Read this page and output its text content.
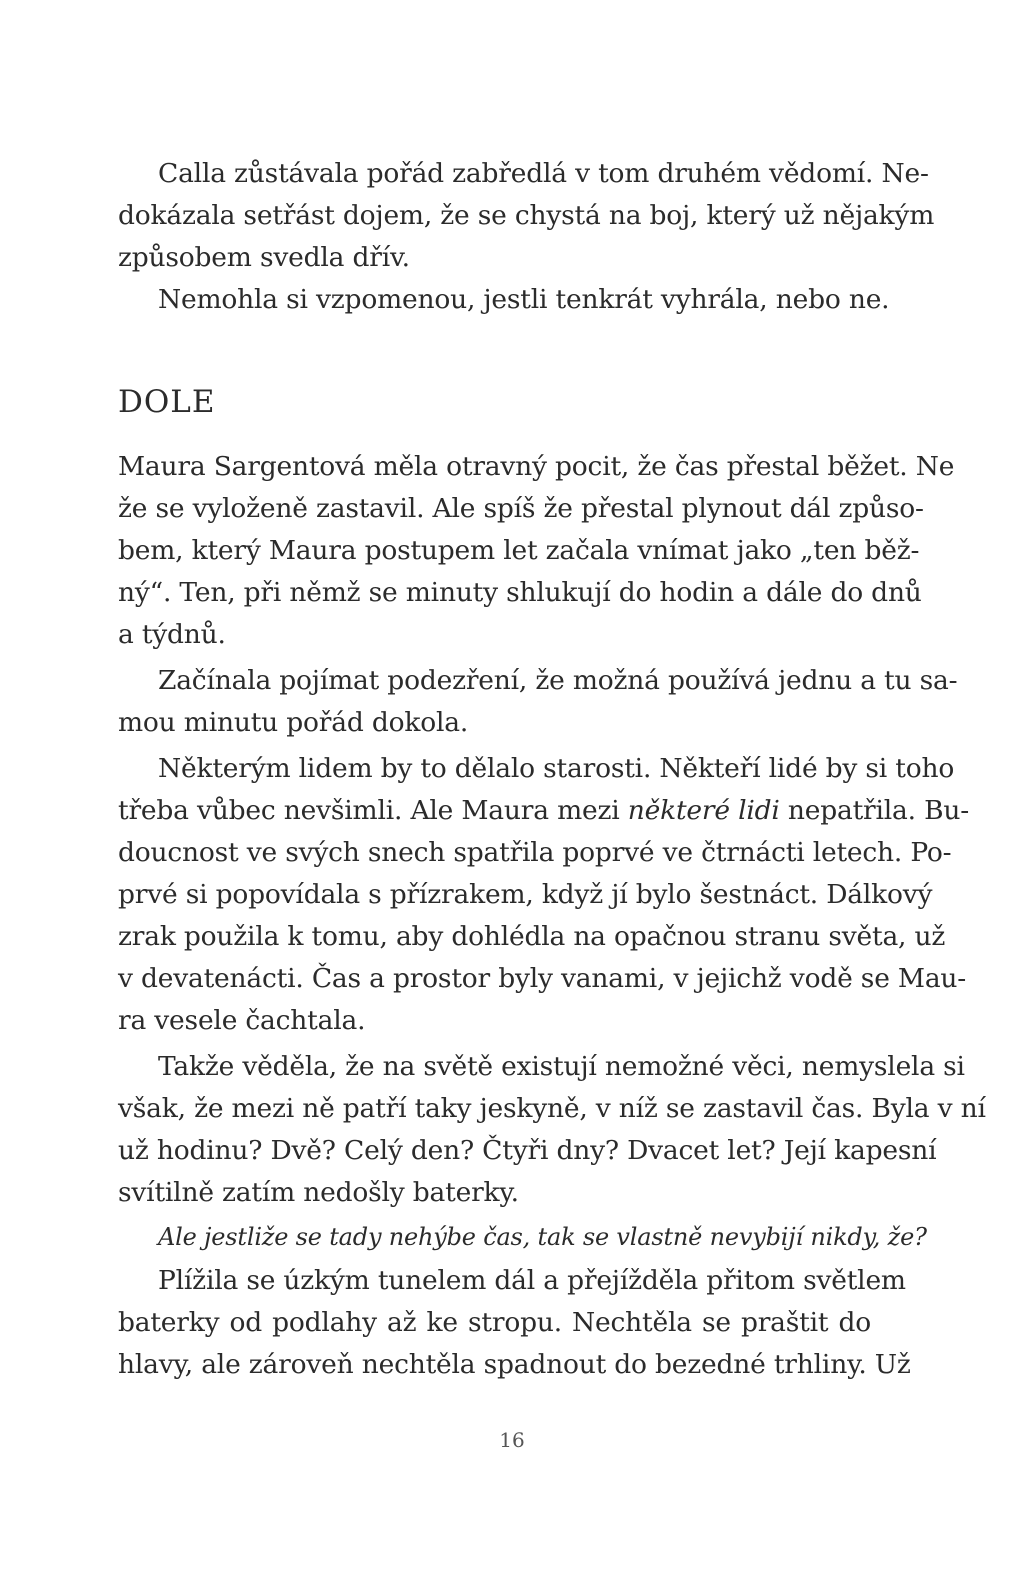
Calla zůstávala pořád zabředlá v tom druhém vědomí. Ne-
dokázala setřást dojem, že se chystá na boj, který už nějakým
způsobem svedla dřív.
Nemohla si vzpomenou, jestli tenkrát vyhrála, nebo ne.
DOLE
Maura Sargentová měla otravný pocit, že čas přestal běžet. Ne
že se vyloženě zastavil. Ale spíš že přestal plynout dál způso-
bem, který Maura postupem let začala vnímat jako „ten běž-
ný“. Ten, při němž se minuty shlukují do hodin a dále do dnů
a týdnů.
Začínala pojímat podezření, že možná používá jednu a tu sa-
mou minutu pořád dokola.
Některým lidem by to dělalo starosti. Někteří lidé by si toho
třeba vůbec nevšimli. Ale Maura mezi některé lidi nepatřila. Bu-
doucnost ve svých snech spatřila poprvé ve čtrnácti letech. Po-
prvé si popovídala s přízrakem, když jí bylo šestnáct. Dálkový
zrak použila k tomu, aby dohlédla na opačnou stranu světa, už
v devatenácti. Čas a prostor byly vanami, v jejichž vodě se Mau-
ra vesele čachtala.
Takže věděla, že na světě existují nemožné věci, nemyslela si
však, že mezi ně patří taky jeskyně, v níž se zastavil čas. Byla v ní
už hodinu? Dvě? Celý den? Čtyři dny? Dvacet let? Její kapesní
svítilně zatím nedošly baterky.
Ale jestliže se tady nehýbe čas, tak se vlastně nevybijí nikdy, že?
Plížila se úzkým tunelem dál a přejížděla přitom světlem
baterky od podlahy až ke stropu. Nechtěla se praštit do
hlavy, ale zároveň nechtěla spadnout do bezedné trhliny. Už
16
